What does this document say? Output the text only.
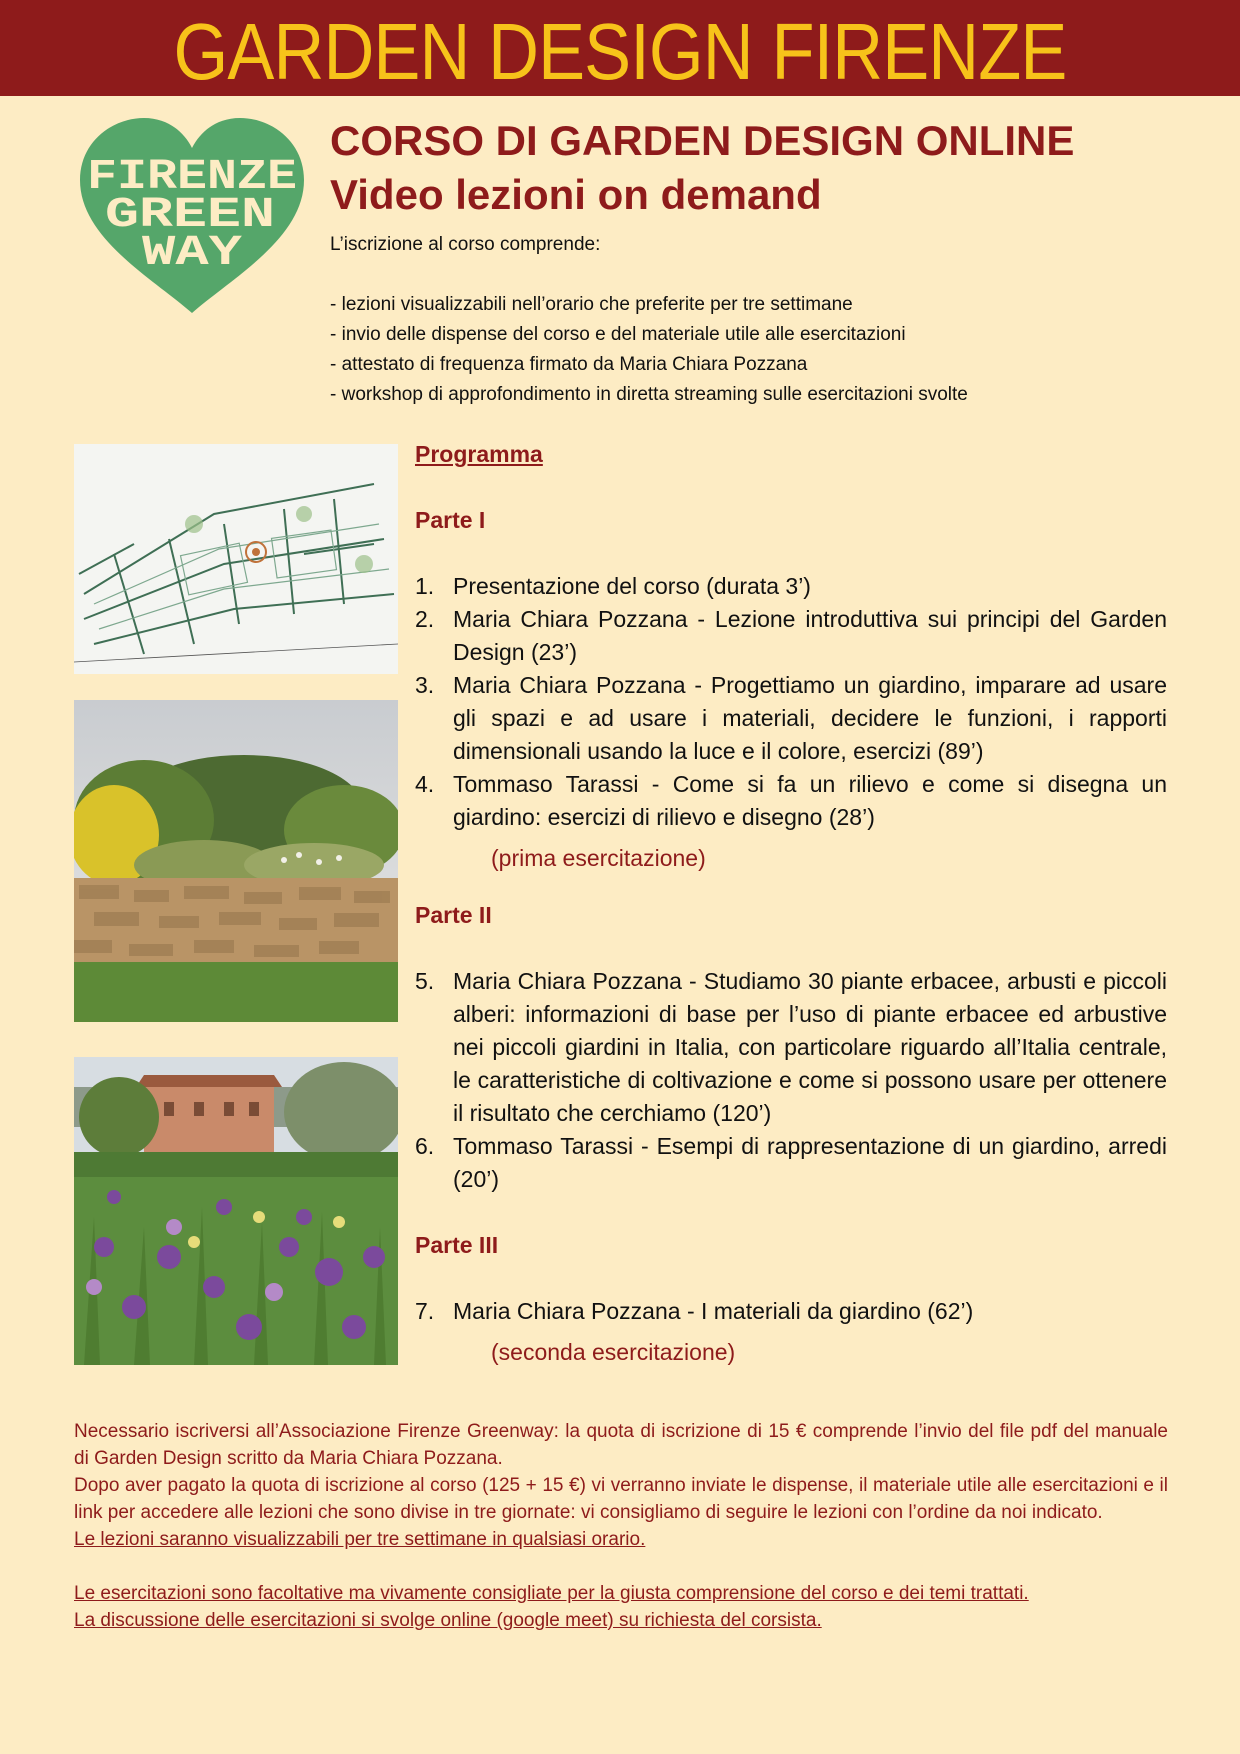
GARDEN DESIGN FIRENZE
FIRENZE
GREEN
WAY
CORSO DI GARDEN DESIGN ONLINE
Video lezioni on demand

L’iscrizione al corso comprende:

- lezioni visualizzabili nell’orario che preferite per tre settimane
- invio delle dispense del corso e del materiale utile alle esercitazioni
- attestato di frequenza firmato da Maria Chiara Pozzana
- workshop di approfondimento in diretta streaming sulle esercitazioni svolte

Programma

Parte I

1. Presentazione del corso (durata 3’)
2. Maria Chiara Pozzana - Lezione introduttiva sui principi del Garden Design (23’)
3. Maria Chiara Pozzana - Progettiamo un giardino, imparare ad usare gli spazi e ad usare i materiali, decidere le funzioni, i rapporti dimensionali usando la luce e il colore, esercizi (89’)
4. Tommaso Tarassi - Come si fa un rilievo e come si disegna un giardino: esercizi di rilievo e disegno (28’)

(prima esercitazione)

Parte II

5. Maria Chiara Pozzana - Studiamo 30 piante erbacee, arbusti e piccoli alberi: informazioni di base per l’uso di piante erbacee ed arbustive nei piccoli giardini in Italia, con particolare riguardo all’Italia centrale, le caratteristiche di coltivazione e come si possono usare per ottenere il risultato che cerchiamo (120’)
6. Tommaso Tarassi - Esempi di rappresentazione di un giardino, arredi (20’)

Parte III

7. Maria Chiara Pozzana - I materiali da giardino (62’)

(seconda esercitazione)

Necessario iscriversi all’Associazione Firenze Greenway: la quota di iscrizione di 15 € comprende l’invio del file pdf del manuale di Garden Design scritto da Maria Chiara Pozzana.

Dopo aver pagato la quota di iscrizione al corso (125 + 15 €) vi verranno inviate le dispense, il materiale utile alle esercitazioni e il link per accedere alle lezioni che sono divise in tre giornate: vi consigliamo di seguire le lezioni con l’ordine da noi indicato.

Le lezioni saranno visualizzabili per tre settimane in qualsiasi orario.

Le esercitazioni sono facoltative ma vivamente consigliate per la giusta comprensione del corso e dei temi trattati.

La discussione delle esercitazioni si svolge online (google meet) su richiesta del corsista.
